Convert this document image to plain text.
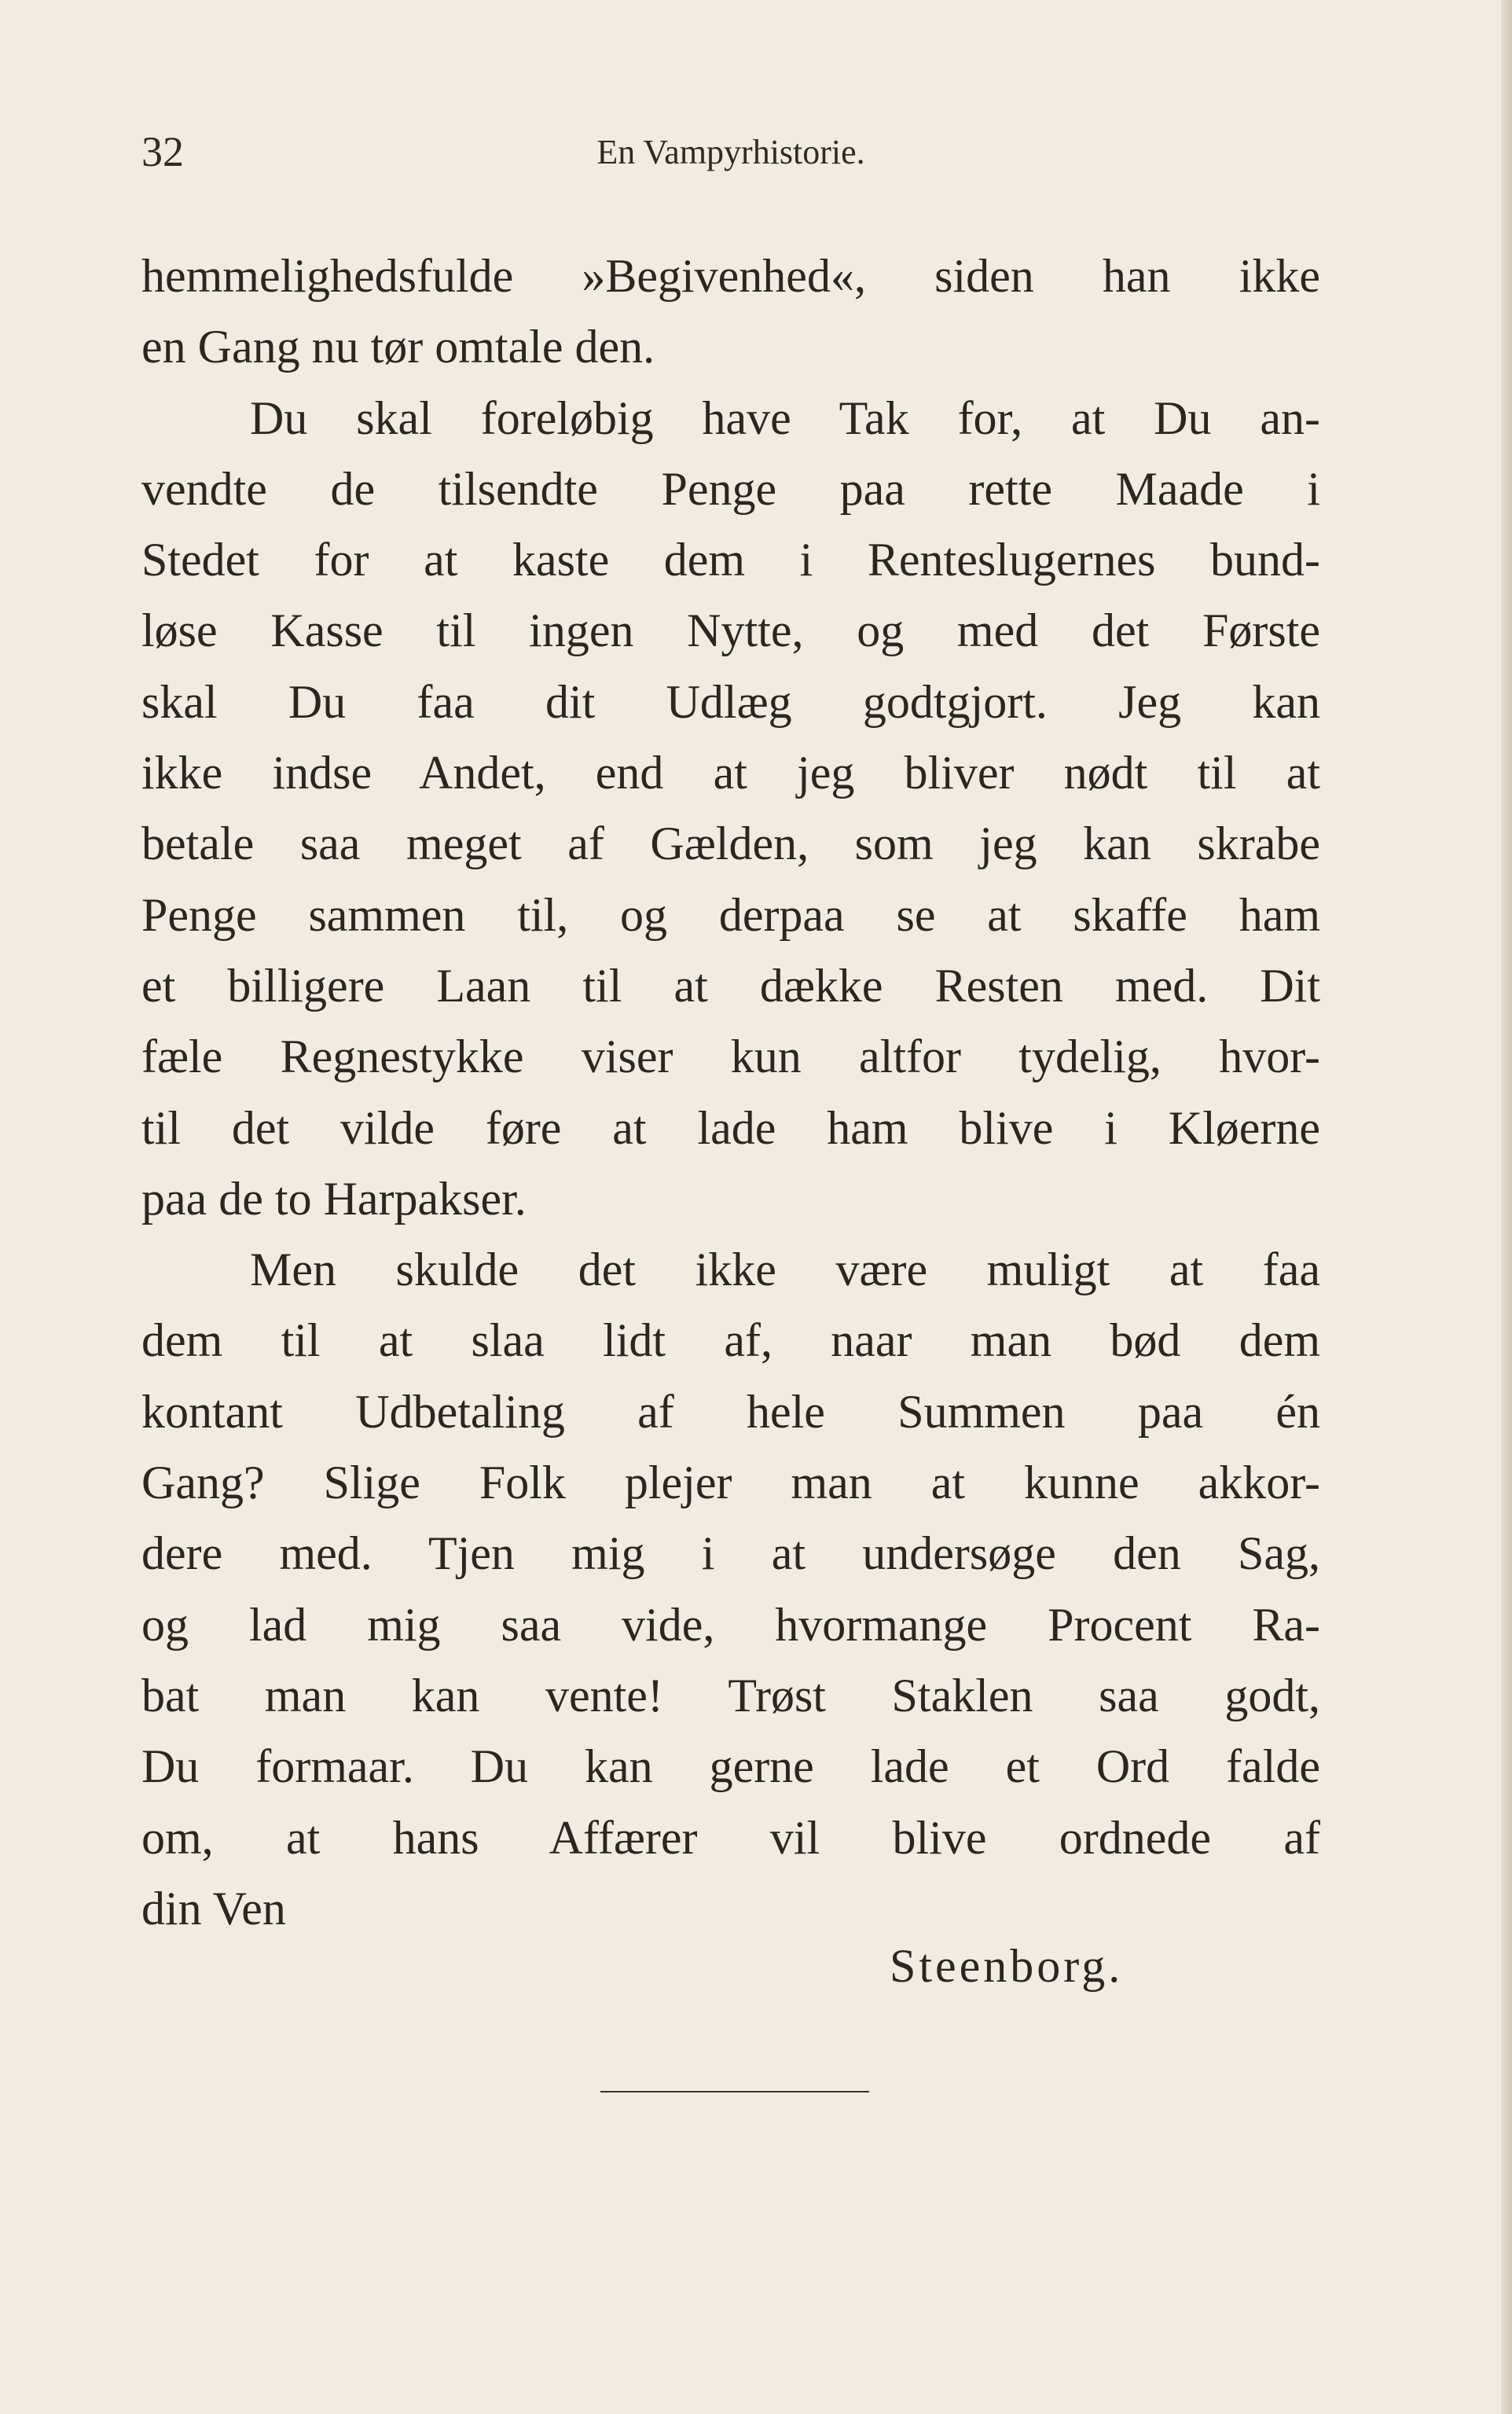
32	En Vampyrhistorie.
hemmelighedsfulde »Begivenhed«, siden han ikke
en Gang nu tør omtale den.
Du skal foreløbig have Tak for, at Du an-
vendte de tilsendte Penge paa rette Maade i
Stedet for at kaste dem i Renteslugernes bund-
løse Kasse til ingen Nytte, og med det Første
skal Du faa dit Udlæg godtgjort. Jeg kan
ikke indse Andet, end at jeg bliver nødt til at
betale saa meget af Gælden, som jeg kan skrabe
Penge sammen til, og derpaa se at skaffe ham
et billigere Laan til at dække Resten med. Dit
fæle Regnestykke viser kun altfor tydelig, hvor-
til det vilde føre at lade ham blive i Kløerne
paa de to Harpakser.
Men skulde det ikke være muligt at faa
dem til at slaa lidt af, naar man bød dem
kontant Udbetaling af hele Summen paa én
Gang? Slige Folk plejer man at kunne akkor-
dere med. Tjen mig i at undersøge den Sag,
og lad mig saa vide, hvormange Procent Ra-
bat man kan vente! Trøst Staklen saa godt,
Du formaar. Du kan gerne lade et Ord falde
om, at hans Affærer vil blive ordnede af
din Ven
Steenborg.
